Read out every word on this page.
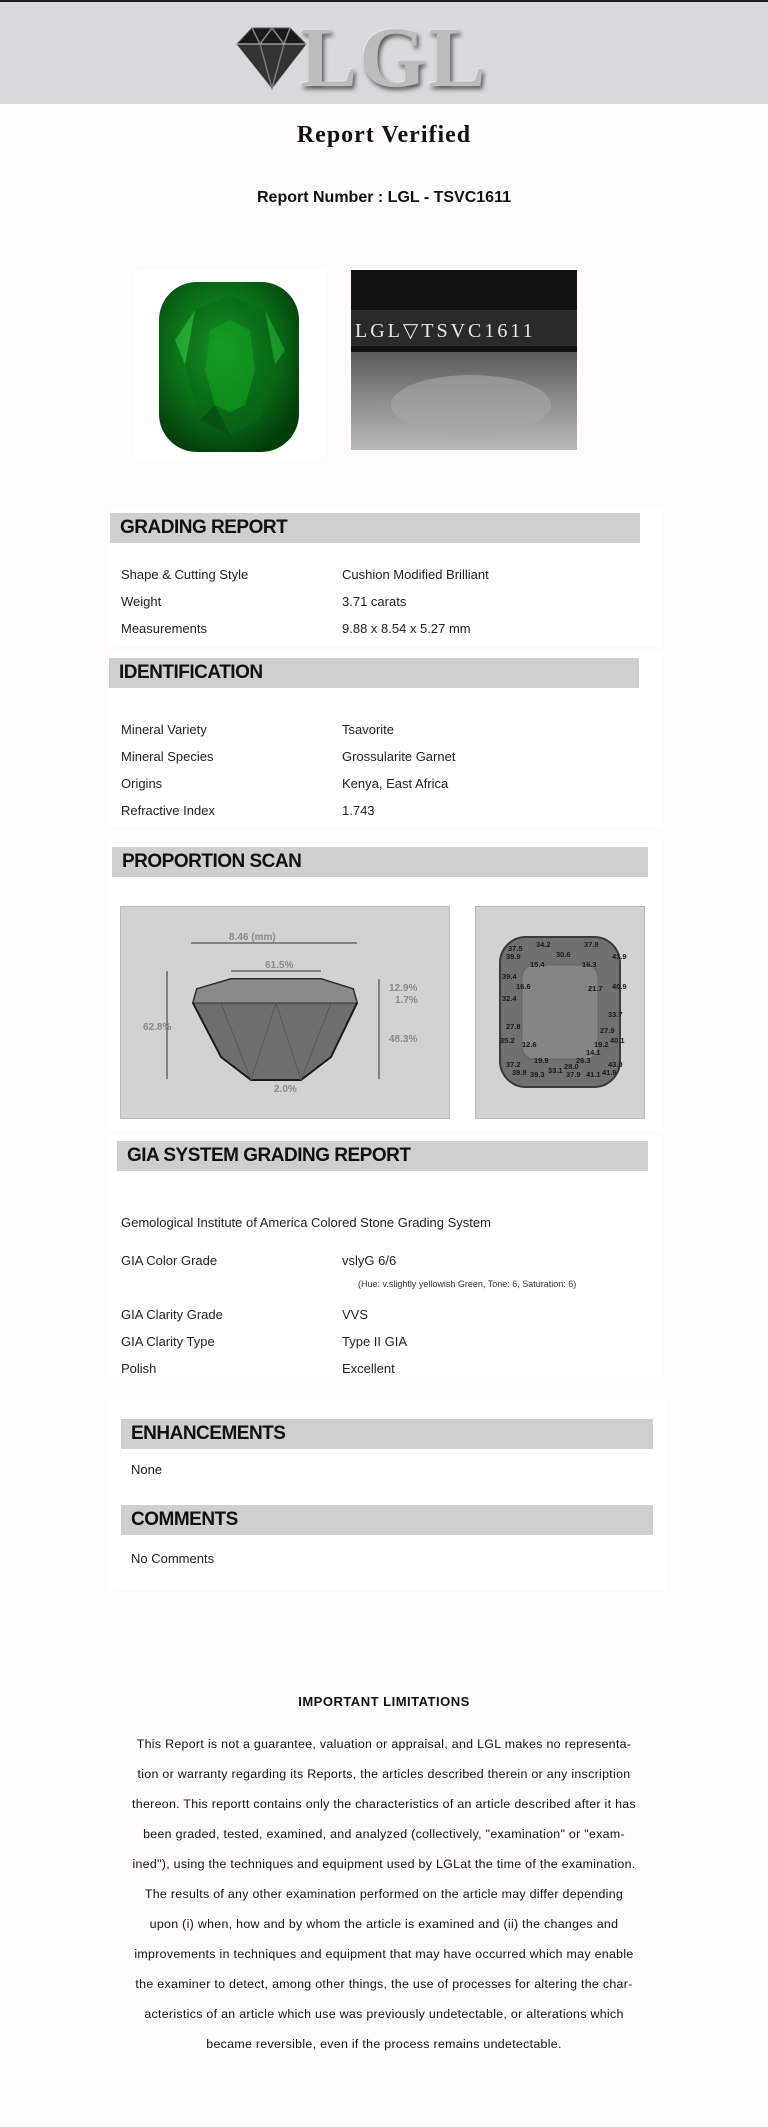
LGL
Report Verified
Report Number : LGL - TSVC1611
LGL▽TSVC1611
GRADING REPORT
Shape & Cutting Style	Cushion Modified Brilliant
Weight	3.71 carats
Measurements	9.88 x 8.54 x 5.27 mm
IDENTIFICATION
Mineral Variety	Tsavorite
Mineral Species	Grossularite Garnet
Origins	Kenya, East Africa
Refractive Index	1.743
PROPORTION SCAN
8.46 (mm)
61.5%
62.8%
12.9%
1.7%
48.3%
2.0%
37.5 34.2	37.8
39.9	30.6	41.9
15.4	16.3
39.4
16.6	21.7 40.9
32.4
33.7
27.8	27.9
35.2 12.6	19.2 40.1
14.1
19.9	26.3
37.2
39.8 39.3 33.1 28.0
37.9 41.1 41.9
43.0
GIA SYSTEM GRADING REPORT
Gemological Institute of America Colored Stone Grading System
GIA Color Grade	vslyG 6/6
(Hue: v.slightly yellowish Green, Tone: 6, Saturation: 6)
GIA Clarity Grade	VVS
GIA Clarity Type	Type II GIA
Polish	Excellent
ENHANCEMENTS
None
COMMENTS
No Comments
IMPORTANT LIMITATIONS
This Report is not a guarantee, valuation or appraisal, and LGL makes no representa-
tion or warranty regarding its Reports, the articles described therein or any inscription
thereon. This reportt contains only the characteristics of an article described after it has
been graded, tested, examined, and analyzed (collectively, "examination" or "exam-
ined"), using the techniques and equipment used by LGLat the time of the examination.
The results of any other examination performed on the article may differ depending
upon (i) when, how and by whom the article is examined and (ii) the changes and
improvements in techniques and equipment that may have occurred which may enable
the examiner to detect, among other things, the use of processes for altering the char-
acteristics of an article which use was previously undetectable, or alterations which
became reversible, even if the process remains undetectable.
